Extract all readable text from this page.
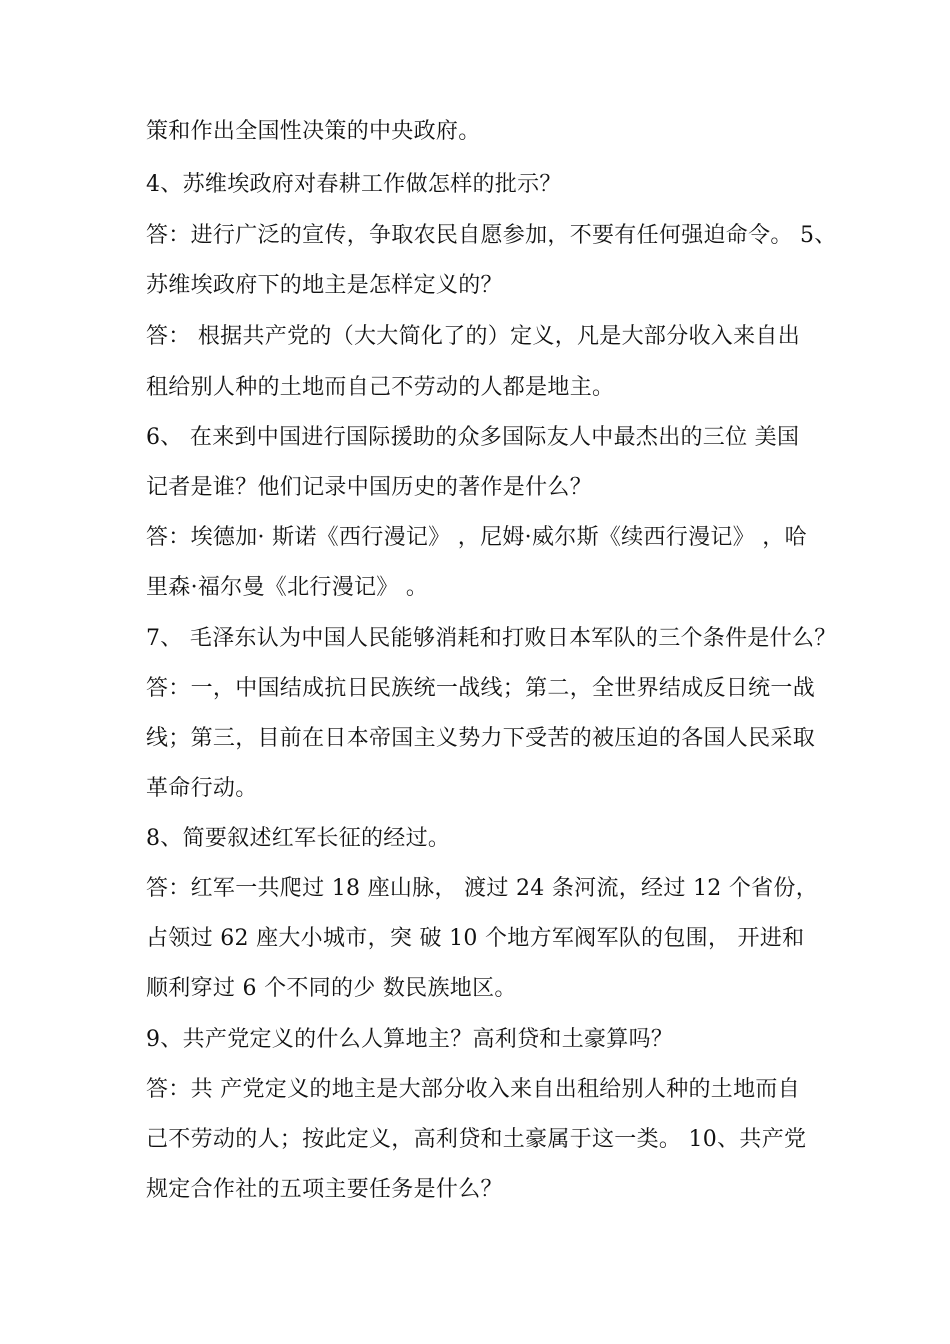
策和作出全国性决策的中央政府。
4、苏维埃政府对春耕工作做怎样的批示？
答：进行广泛的宣传，争取农民自愿参加，不要有任何强迫命令。 5、
苏维埃政府下的地主是怎样定义的？
答： 根据共产党的（大大简化了的）定义，凡是大部分收入来自出
租给别人种的土地而自己不劳动的人都是地主。
6、 在来到中国进行国际援助的众多国际友人中最杰出的三位 美国
记者是谁？他们记录中国历史的著作是什么？
答：埃德加· 斯诺《西行漫记》 ，尼姆·威尔斯《续西行漫记》 ，哈
里森·福尔曼《北行漫记》 。
7、 毛泽东认为中国人民能够消耗和打败日本军队的三个条件是什么？
答：一，中国结成抗日民族统一战线；第二，全世界结成反日统一战
线；第三，目前在日本帝国主义势力下受苦的被压迫的各国人民采取
革命行动。
8、简要叙述红军长征的经过。
答：红军一共爬过 18 座山脉， 渡过 24 条河流，经过 12 个省份，
占领过 62 座大小城市，突 破 10 个地方军阀军队的包围， 开进和
顺利穿过 6 个不同的少 数民族地区。
9、共产党定义的什么人算地主？高利贷和土豪算吗？
答：共 产党定义的地主是大部分收入来自出租给别人种的土地而自
己不劳动的人；按此定义，高利贷和土豪属于这一类。 10、共产党
规定合作社的五项主要任务是什么？
